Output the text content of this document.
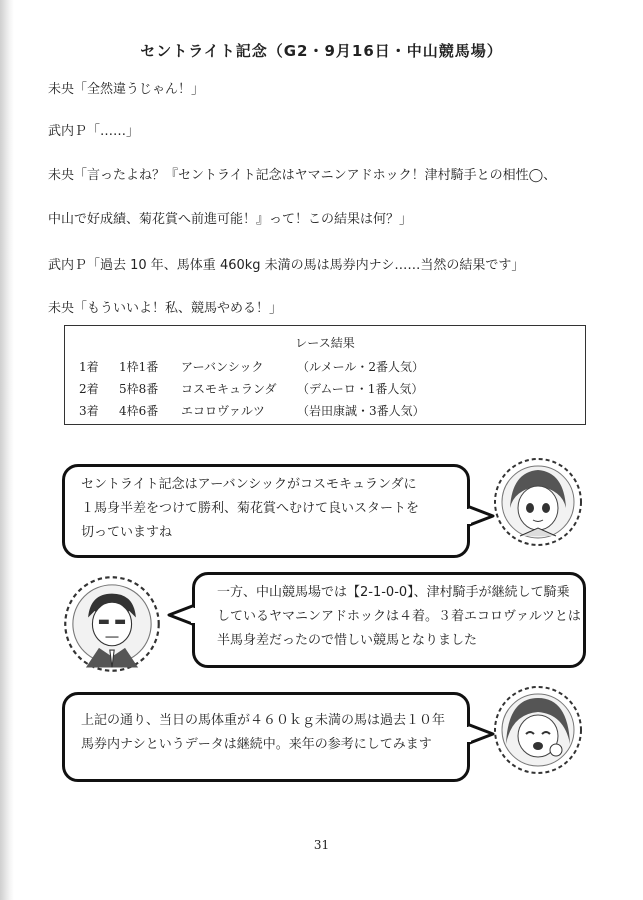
セントライト記念（G2・9月16日・中山競馬場）
未央「全然違うじゃん！」
武内Ｐ「……」
未央「言ったよね？『セントライト記念はヤマニンアドホック！津村騎手との相性◯、
中山で好成績、菊花賞へ前進可能！』って！この結果は何？」
武内Ｐ「過去 10 年、馬体重 460kg 未満の馬は馬券内ナシ……当然の結果です」
未央「もういいよ！私、競馬やめる！」
レース結果
1着 1枠1番 アーバンシック	（ルメール・2番人気）
2着 5枠8番 コスモキュランダ （デムーロ・1番人気）
3着 4枠6番 エコロヴァルツ	（岩田康誠・3番人気）

セントライト記念はアーバンシックがコスモキュランダに

１馬身半差をつけて勝利、菊花賞へむけて良いスタートを

切っていますね

一方、中山競馬場では【2-1-0-0】、津村騎手が継続して騎乗

しているヤマニンアドホックは４着。３着エコロヴァルツとは

半馬身差だったので惜しい競馬となりました

上記の通り、当日の馬体重が４６０ｋｇ未満の馬は過去１０年

馬券内ナシというデータは継続中。来年の参考にしてみます

31
